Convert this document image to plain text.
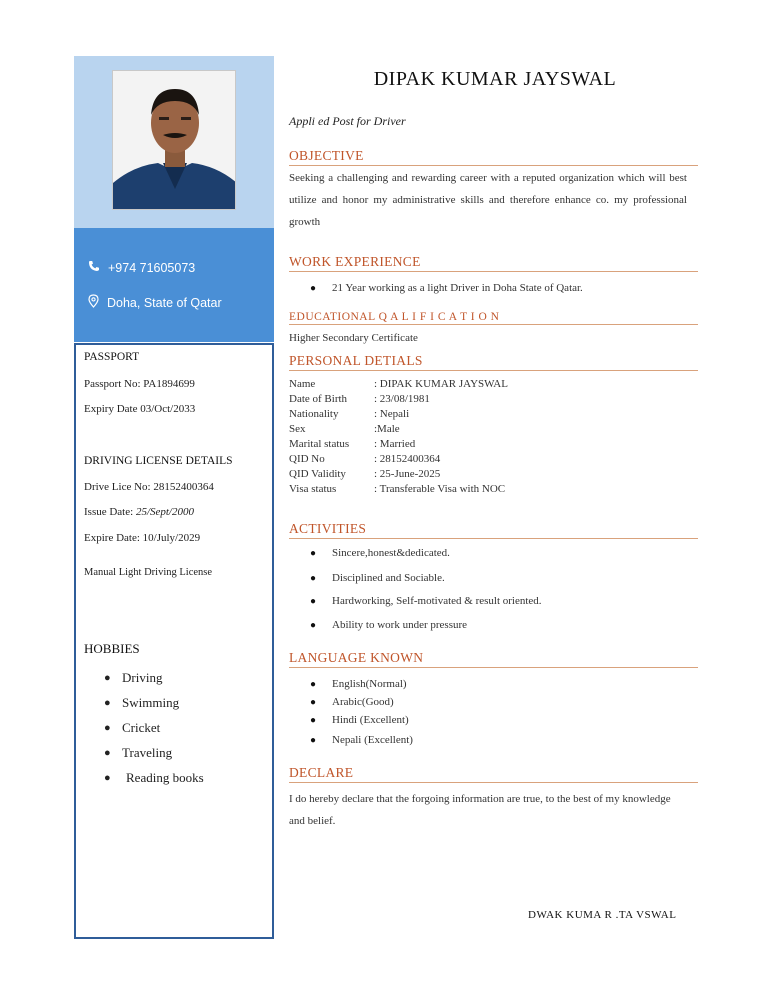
+974 71605073
Doha, State of Qatar
PASSPORT
Passport No: PA1894699
Expiry Date 03/Oct/2033
DRIVING LICENSE DETAILS
Drive Lice No: 28152400364
Issue Date: 25/Sept/2000
Expire Date: 10/July/2029
Manual Light Driving License
HOBBIES
● Driving
● Swimming
● Cricket
● Traveling
●	Reading books
DIPAK KUMAR JAYSWAL
Appli ed Post for Driver
OBJECTIVE
Seeking a challenging and rewarding career with a reputed organization which will best utilize and honor my administrative skills and therefore enhance co. my professional growth
WORK EXPERIENCE
●	21 Year working as a light Driver in Doha State of Qatar.
EDUCATIONAL Q A L I F I C A T I O N
Higher Secondary Certificate
PERSONAL DETIALS
Name	: DIPAK KUMAR JAYSWAL
Date of Birth	: 23/08/1981
Nationality	: Nepali
Sex	:Male
Marital status	: Married
QID No	: 28152400364
QID Validity	: 25-June-2025
Visa status	: Transferable Visa with NOC
ACTIVITIES
●	Sincere,honest&dedicated.
●	Disciplined and Sociable.
●	Hardworking, Self-motivated & result oriented.
●	Ability to work under pressure
LANGUAGE KNOWN
●	English(Normal)
●	Arabic(Good)
●	Hindi (Excellent)
●	Nepali (Excellent)
DECLARE
I do hereby declare that the forgoing information are true, to the best of my knowledge and belief.
DWAK KUMA R .TA VSWAL
